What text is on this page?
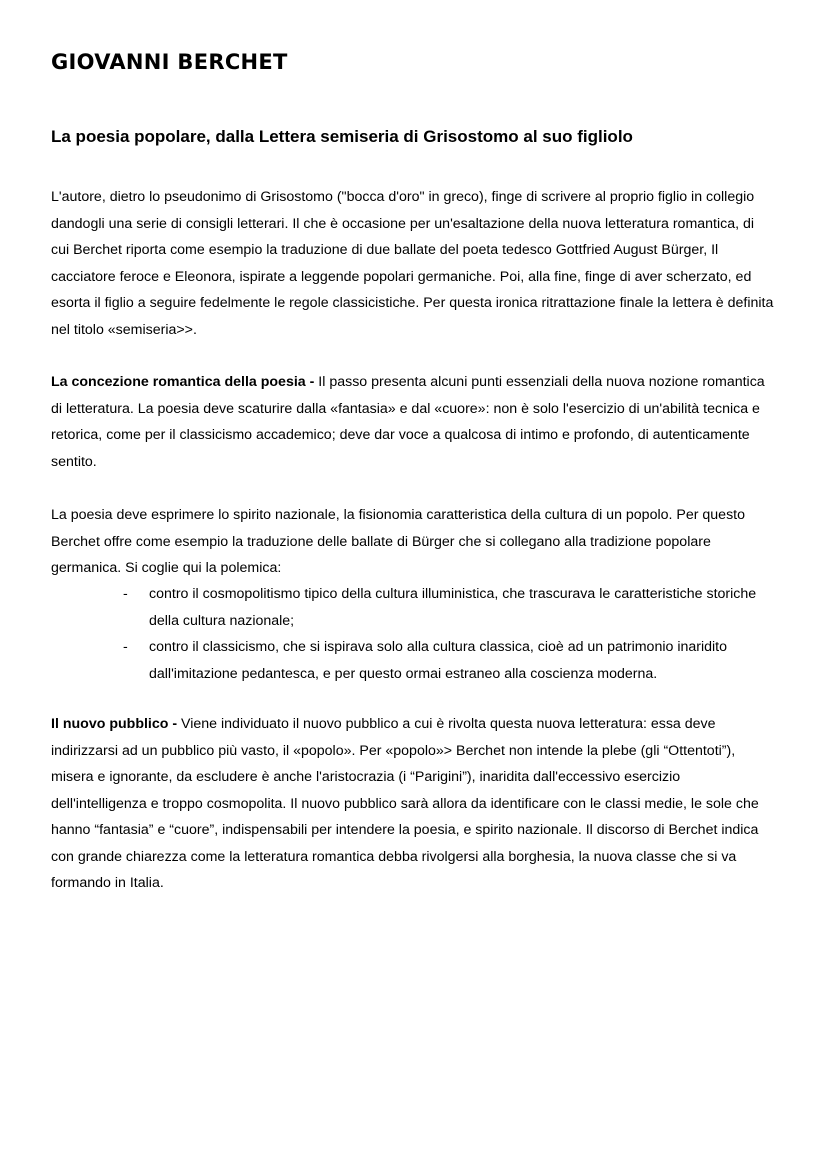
GIOVANNI BERCHET
La poesia popolare, dalla Lettera semiseria di Grisostomo al suo figliolo

L'autore, dietro lo pseudonimo di Grisostomo ("bocca d'oro" in greco), finge di scrivere al proprio figlio in collegio dandogli una serie di consigli letterari. Il che è occasione per un'esaltazione della nuova letteratura romantica, di cui Berchet riporta come esempio la traduzione di due ballate del poeta tedesco Gottfried August Bürger, Il cacciatore feroce e Eleonora, ispirate a leggende popolari germaniche. Poi, alla fine, finge di aver scherzato, ed esorta il figlio a seguire fedelmente le regole classicistiche. Per questa ironica ritrattazione finale la lettera è definita nel titolo «semiseria>>.

La concezione romantica della poesia - Il passo presenta alcuni punti essenziali della nuova nozione romantica di letteratura. La poesia deve scaturire dalla «fantasia» e dal «cuore»: non è solo l'esercizio di un'abilità tecnica e retorica, come per il classicismo accademico; deve dar voce a qualcosa di intimo e profondo, di autenticamente sentito.

La poesia deve esprimere lo spirito nazionale, la fisionomia caratteristica della cultura di un popolo. Per questo Berchet offre come esempio la traduzione delle ballate di Bürger che si collegano alla tradizione popolare germanica. Si coglie qui la polemica:

- contro il cosmopolitismo tipico della cultura illuministica, che trascurava le caratteristiche storiche della cultura nazionale;
- contro il classicismo, che si ispirava solo alla cultura classica, cioè ad un patrimonio inaridito dall'imitazione pedantesca, e per questo ormai estraneo alla coscienza moderna.

Il nuovo pubblico - Viene individuato il nuovo pubblico a cui è rivolta questa nuova letteratura: essa deve indirizzarsi ad un pubblico più vasto, il «popolo». Per «popolo»> Berchet non intende la plebe (gli “Ottentoti”), misera e ignorante, da escludere è anche l'aristocrazia (i “Parigini”), inaridita dall'eccessivo esercizio dell'intelligenza e troppo cosmopolita. Il nuovo pubblico sarà allora da identificare con le classi medie, le sole che hanno “fantasia” e “cuore”, indispensabili per intendere la poesia, e spirito nazionale. Il discorso di Berchet indica con grande chiarezza come la letteratura romantica debba rivolgersi alla borghesia, la nuova classe che si va formando in Italia.
